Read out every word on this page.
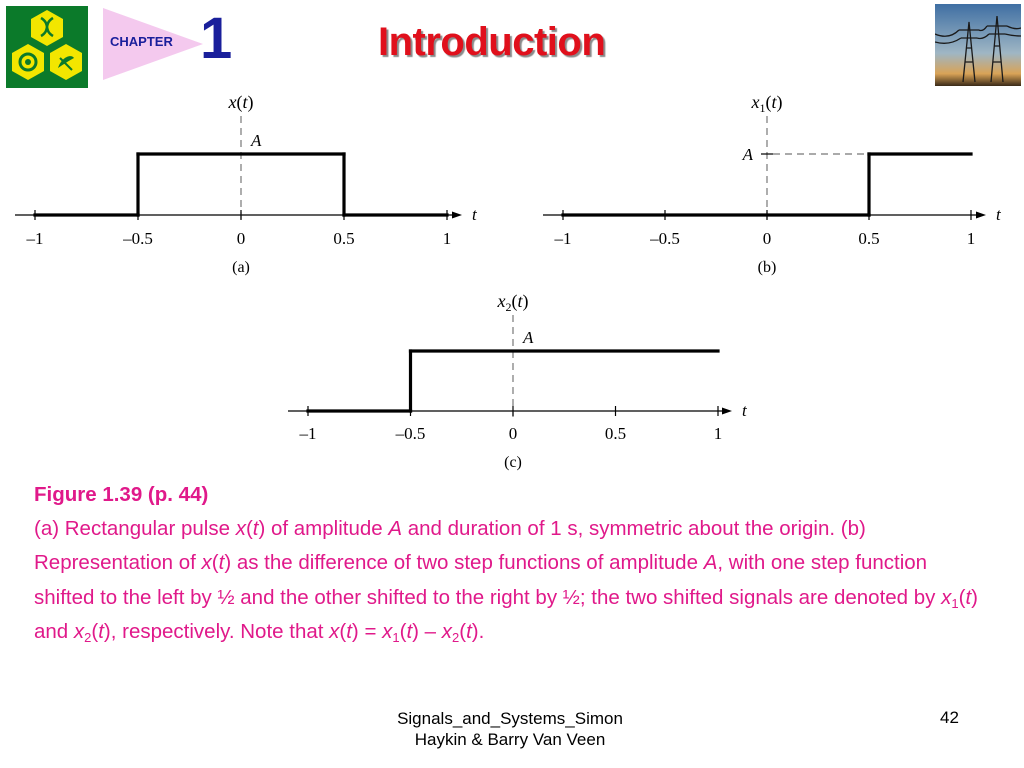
CHAPTER 1	Introduction
–1	–0.5	0	0.5	1
t
x(t)
A
(a)
–1	–0.5	0	0.5	1
t
$x_1(t)$
A
(b)
–1	–0.5	0	0.5	1
t
$x_2(t)$
A
(c)
Figure 1.39 (p. 44)
(a) Rectangular pulse x(t) of amplitude A and duration of 1 s, symmetric about the origin. (b) Representation of x(t) as the difference of two step functions of amplitude A, with one step function shifted to the left by ½ and the other shifted to the right by ½; the two shifted signals are denoted by $x_1(t)$ and $x_2(t)$, respectively. Note that $x(t) = x_1(t) - x_2(t)$.
Signals_and_Systems_Simon
Haykin & Barry Van Veen
42
